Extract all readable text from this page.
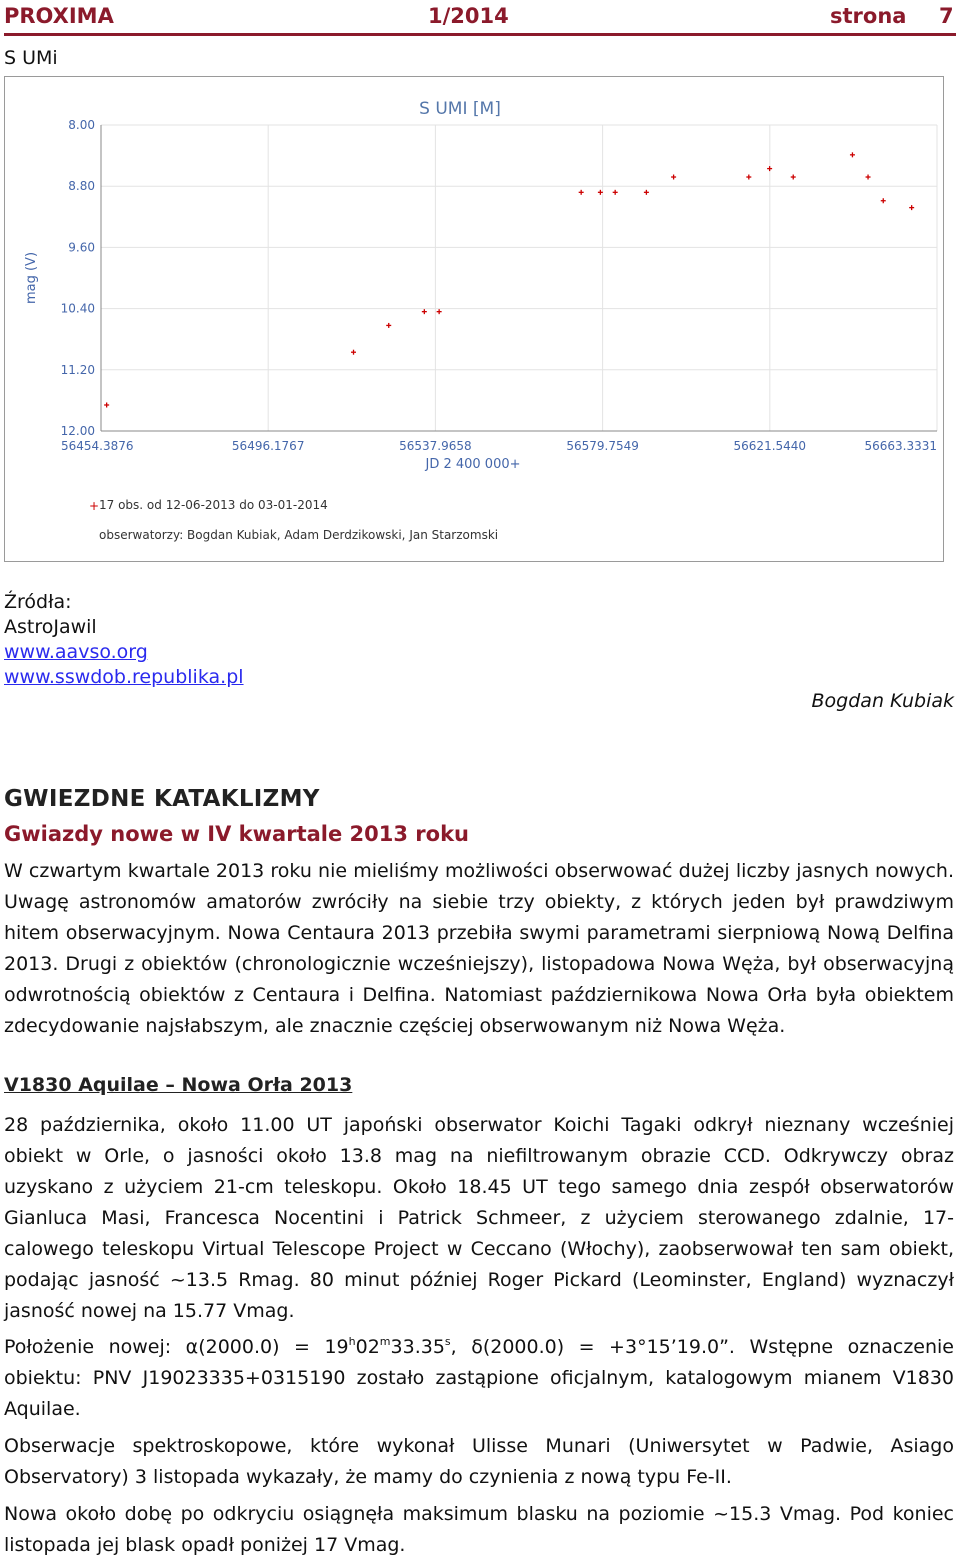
PROXIMA	1/2014	strona 7
S UMi
S UMI [M]
8.00
8.80
9.60
10.40
11.20
12.00
56454.3876	56496.1767	56537.9658	56579.7549	56621.5440	56663.3331
mag (V)
JD 2 400 000+
+ 17 obs. od 12-06-2013 do 03-01-2014
obserwatorzy: Bogdan Kubiak, Adam Derdzikowski, Jan Starzomski
Źródła:
AstroJawil
www.aavso.org
www.sswdob.republika.pl
Bogdan Kubiak
GWIEZDNE KATAKLIZMY
Gwiazdy nowe w IV kwartale 2013 roku

W czwartym kwartale 2013 roku nie mieliśmy możliwości obserwować dużej liczby jasnych nowych. Uwagę astronomów amatorów zwróciły na siebie trzy obiekty, z których jeden był prawdziwym hitem obserwacyjnym. Nowa Centaura 2013 przebiła swymi parametrami sierpniową Nową Delfina 2013. Drugi z obiektów (chronologicznie wcześniejszy), listopadowa Nowa Węża, był obserwacyjną odwrotnością obiektów z Centaura i Delfina. Natomiast październikowa Nowa Orła była obiektem zdecydowanie najsłabszym, ale znacznie częściej obserwowanym niż Nowa Węża.

V1830 Aquilae – Nowa Orła 2013

28 października, około 11.00 UT japoński obserwator Koichi Tagaki odkrył nieznany wcześniej obiekt w Orle, o jasności około 13.8 mag na niefiltrowanym obrazie CCD. Odkrywczy obraz uzyskano z użyciem 21-cm teleskopu. Około 18.45 UT tego samego dnia zespół obserwatorów Gianluca Masi, Francesca Nocentini i Patrick Schmeer, z użyciem sterowanego zdalnie, 17-calowego teleskopu Virtual Telescope Project w Ceccano (Włochy), zaobserwował ten sam obiekt, podając jasność ~13.5 Rmag. 80 minut później Roger Pickard (Leominster, England) wyznaczył jasność nowej na 15.77 Vmag.

Położenie nowej: $\alpha(2000.0) = 19^h02^m33.35^s$, δ(2000.0) = +3°15’19.0”. Wstępne oznaczenie obiektu: PNV J19023335+0315190 zostało zastąpione oficjalnym, katalogowym mianem V1830 Aquilae.

Obserwacje spektroskopowe, które wykonał Ulisse Munari (Uniwersytet w Padwie, Asiago Observatory) 3 listopada wykazały, że mamy do czynienia z nową typu Fe-II.

Nowa około dobę po odkryciu osiągnęła maksimum blasku na poziomie ~15.3 Vmag. Pod koniec listopada jej blask opadł poniżej 17 Vmag.
